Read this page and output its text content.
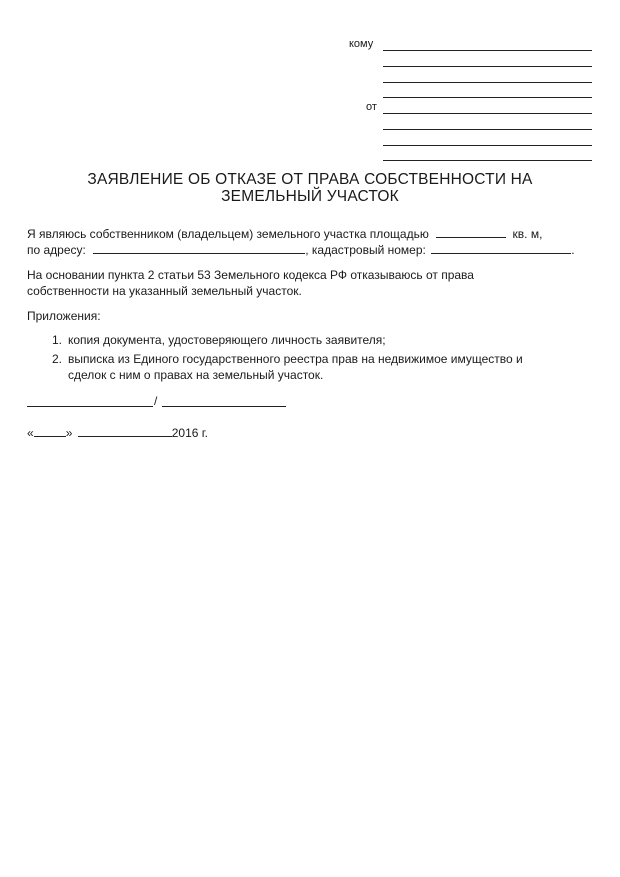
кому
от
ЗАЯВЛЕНИЕ ОБ ОТКАЗЕ ОТ ПРАВА СОБСТВЕННОСТИ НА
ЗЕМЕЛЬНЫЙ УЧАСТОК
Я являюсь собственником (владельцем) земельного участка площадью	кв. м,
по адресу:	, кадастровый номер:	.
На основании пункта 2 статьи 53 Земельного кодекса РФ отказываюсь от права
собственности на указанный земельный участок.
Приложения:
1. копия документа, удостоверяющего личность заявителя;
2. выписка из Единого государственного реестра прав на недвижимое имущество и
сделок с ним о правах на земельный участок.
/
«	»	2016 г.
